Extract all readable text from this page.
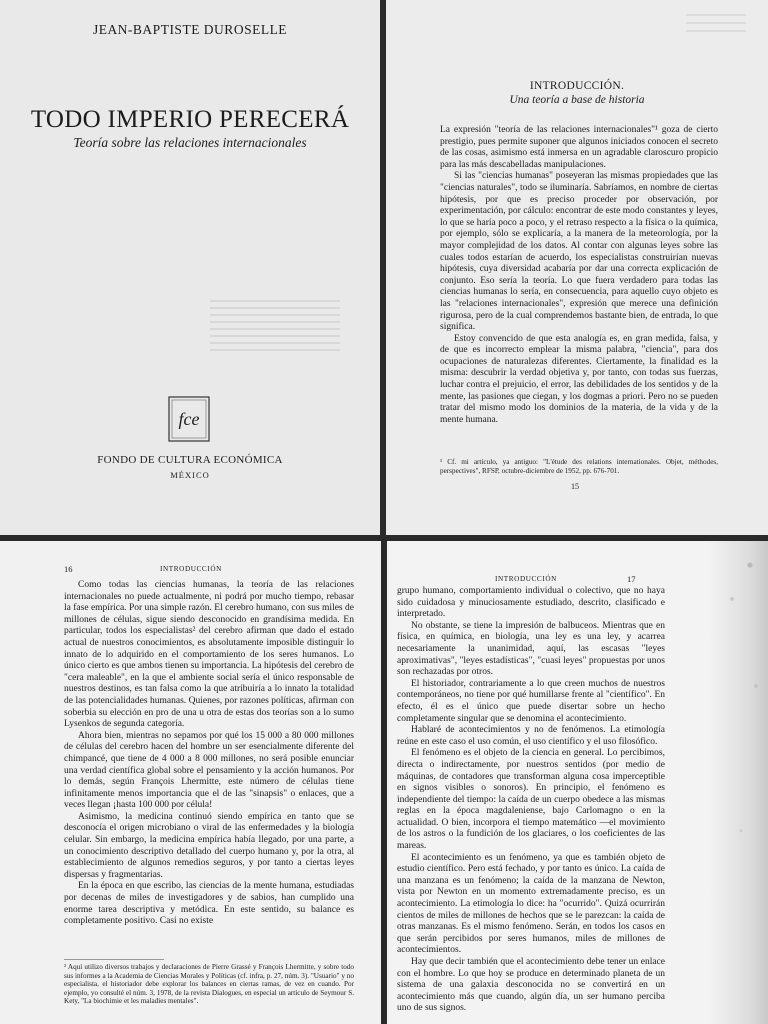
JEAN-BAPTISTE DUROSELLE
TODO IMPERIO PERECERÁ
Teoría sobre las relaciones internacionales
fce
FONDO DE CULTURA ECONÓMICA
MÉXICO
INTRODUCCIÓN.
Una teoría a base de historia

La expresión "teoría de las relaciones internacionales"¹ goza de cierto prestigio, pues permite suponer que algunos iniciados conocen el secreto de las cosas, asimismo está inmersa en un agradable claroscuro propicio para las más descabelladas manipulaciones.

Si las "ciencias humanas" poseyeran las mismas propiedades que las "ciencias naturales", todo se iluminaría. Sabríamos, en nombre de ciertas hipótesis, por que es preciso proceder por observación, por experimentación, por cálculo: encontrar de este modo constantes y leyes, lo que se haría poco a poco, y el retraso respecto a la física o la química, por ejemplo, sólo se explicaría, a la manera de la meteorología, por la mayor complejidad de los datos. Al contar con algunas leyes sobre las cuales todos estarían de acuerdo, los especialistas construirían nuevas hipótesis, cuya diversidad acabaría por dar una correcta explicación de conjunto. Eso sería la teoría. Lo que fuera verdadero para todas las ciencias humanas lo sería, en consecuencia, para aquello cuyo objeto es las "relaciones internacionales", expresión que merece una definición rigurosa, pero de la cual comprendemos bastante bien, de entrada, lo que significa.

Estoy convencido de que esta analogía es, en gran medida, falsa, y de que es incorrecto emplear la misma palabra, "ciencia", para dos ocupaciones de naturalezas diferentes. Ciertamente, la finalidad es la misma: descubrir la verdad objetiva y, por tanto, con todas sus fuerzas, luchar contra el prejuicio, el error, las debilidades de los sentidos y de la mente, las pasiones que ciegan, y los dogmas a priori. Pero no se pueden tratar del mismo modo los dominios de la materia, de la vida y de la mente humana.

¹ Cf. mi artículo, ya antiguo: "L'étude des relations internationales. Objet, méthodes, perspectives", RFSP, octubre-diciembre de 1952, pp. 676-701.
15
16	INTRODUCCIÓN

Como todas las ciencias humanas, la teoría de las relaciones internacionales no puede actualmente, ni podrá por mucho tiempo, rebasar la fase empírica. Por una simple razón. El cerebro humano, con sus miles de millones de células, sigue siendo desconocido en grandísima medida. En particular, todos los especialistas² del cerebro afirman que dado el estado actual de nuestros conocimientos, es absolutamente imposible distinguir lo innato de lo adquirido en el comportamiento de los seres humanos. Lo único cierto es que ambos tienen su importancia. La hipótesis del cerebro de "cera maleable", en la que el ambiente social sería el único responsable de nuestros destinos, es tan falsa como la que atribuiría a lo innato la totalidad de las potencialidades humanas. Quienes, por razones políticas, afirman con soberbia su elección en pro de una u otra de estas dos teorías son a lo sumo Lysenkos de segunda categoría.

Ahora bien, mientras no sepamos por qué los 15 000 a 80 000 millones de células del cerebro hacen del hombre un ser esencialmente diferente del chimpancé, que tiene de 4 000 a 8 000 millones, no será posible enunciar una verdad científica global sobre el pensamiento y la acción humanos. Por lo demás, según François Lhermitte, este número de células tiene infinitamente menos importancia que el de las "sinapsis" o enlaces, que a veces llegan ¡hasta 100 000 por célula!

Asimismo, la medicina continuó siendo empírica en tanto que se desconocía el origen microbiano o viral de las enfermedades y la biología celular. Sin embargo, la medicina empírica había llegado, por una parte, a un conocimiento descriptivo detallado del cuerpo humano y, por la otra, al establecimiento de algunos remedios seguros, y por tanto a ciertas leyes dispersas y fragmentarias.

En la época en que escribo, las ciencias de la mente humana, estudiadas por decenas de miles de investigadores y de sabios, han cumplido una enorme tarea descriptiva y metódica. En este sentido, su balance es completamente positivo. Casi no existe

² Aquí utilizo diversos trabajos y declaraciones de Pierre Grassé y François Lhermitte, y sobre todo sus informes a la Academia de Ciencias Morales y Políticas (cf. infra, p. 27, núm. 3). "Usuario" y no especialista, el historiador debe explorar los balances en ciertas ramas, de vez en cuando. Por ejemplo, yo consulté el núm. 3, 1978, de la revista Dialogues, en especial un artículo de Seymour S. Kety, "La biochimie et les maladies mentales".
INTRODUCCIÓN	17

grupo humano, comportamiento individual o colectivo, que no haya sido cuidadosa y minuciosamente estudiado, descrito, clasificado e interpretado.

No obstante, se tiene la impresión de balbuceos. Mientras que en física, en química, en biología, una ley es una ley, y acarrea necesariamente la unanimidad, aquí, las escasas "leyes aproximativas", "leyes estadísticas", "cuasi leyes" propuestas por unos son rechazadas por otros.

El historiador, contrariamente a lo que creen muchos de nuestros contemporáneos, no tiene por qué humillarse frente al "científico". En efecto, él es el único que puede disertar sobre un hecho completamente singular que se denomina el acontecimiento.

Hablaré de acontecimientos y no de fenómenos. La etimología reúne en este caso el uso común, el uso científico y el uso filosófico.

El fenómeno es el objeto de la ciencia en general. Lo percibimos, directa o indirectamente, por nuestros sentidos (por medio de máquinas, de contadores que transforman alguna cosa imperceptible en signos visibles o sonoros). En principio, el fenómeno es independiente del tiempo: la caída de un cuerpo obedece a las mismas reglas en la época magdaleniense, bajo Carlomagno o en la actualidad. O bien, incorpora el tiempo matemático —el movimiento de los astros o la fundición de los glaciares, o los coeficientes de las mareas.

El acontecimiento es un fenómeno, ya que es también objeto de estudio científico. Pero está fechado, y por tanto es único. La caída de una manzana es un fenómeno; la caída de la manzana de Newton, vista por Newton en un momento extremadamente preciso, es un acontecimiento. La etimología lo dice: ha "ocurrido". Quizá ocurrirán cientos de miles de millones de hechos que se le parezcan: la caída de otras manzanas. Es el mismo fenómeno. Serán, en todos los casos en que serán percibidos por seres humanos, miles de millones de acontecimientos.

Hay que decir también que el acontecimiento debe tener un enlace con el hombre. Lo que hoy se produce en determinado planeta de un sistema de una galaxia desconocida no se convertirá en un acontecimiento más que cuando, algún día, un ser humano perciba uno de sus signos.
